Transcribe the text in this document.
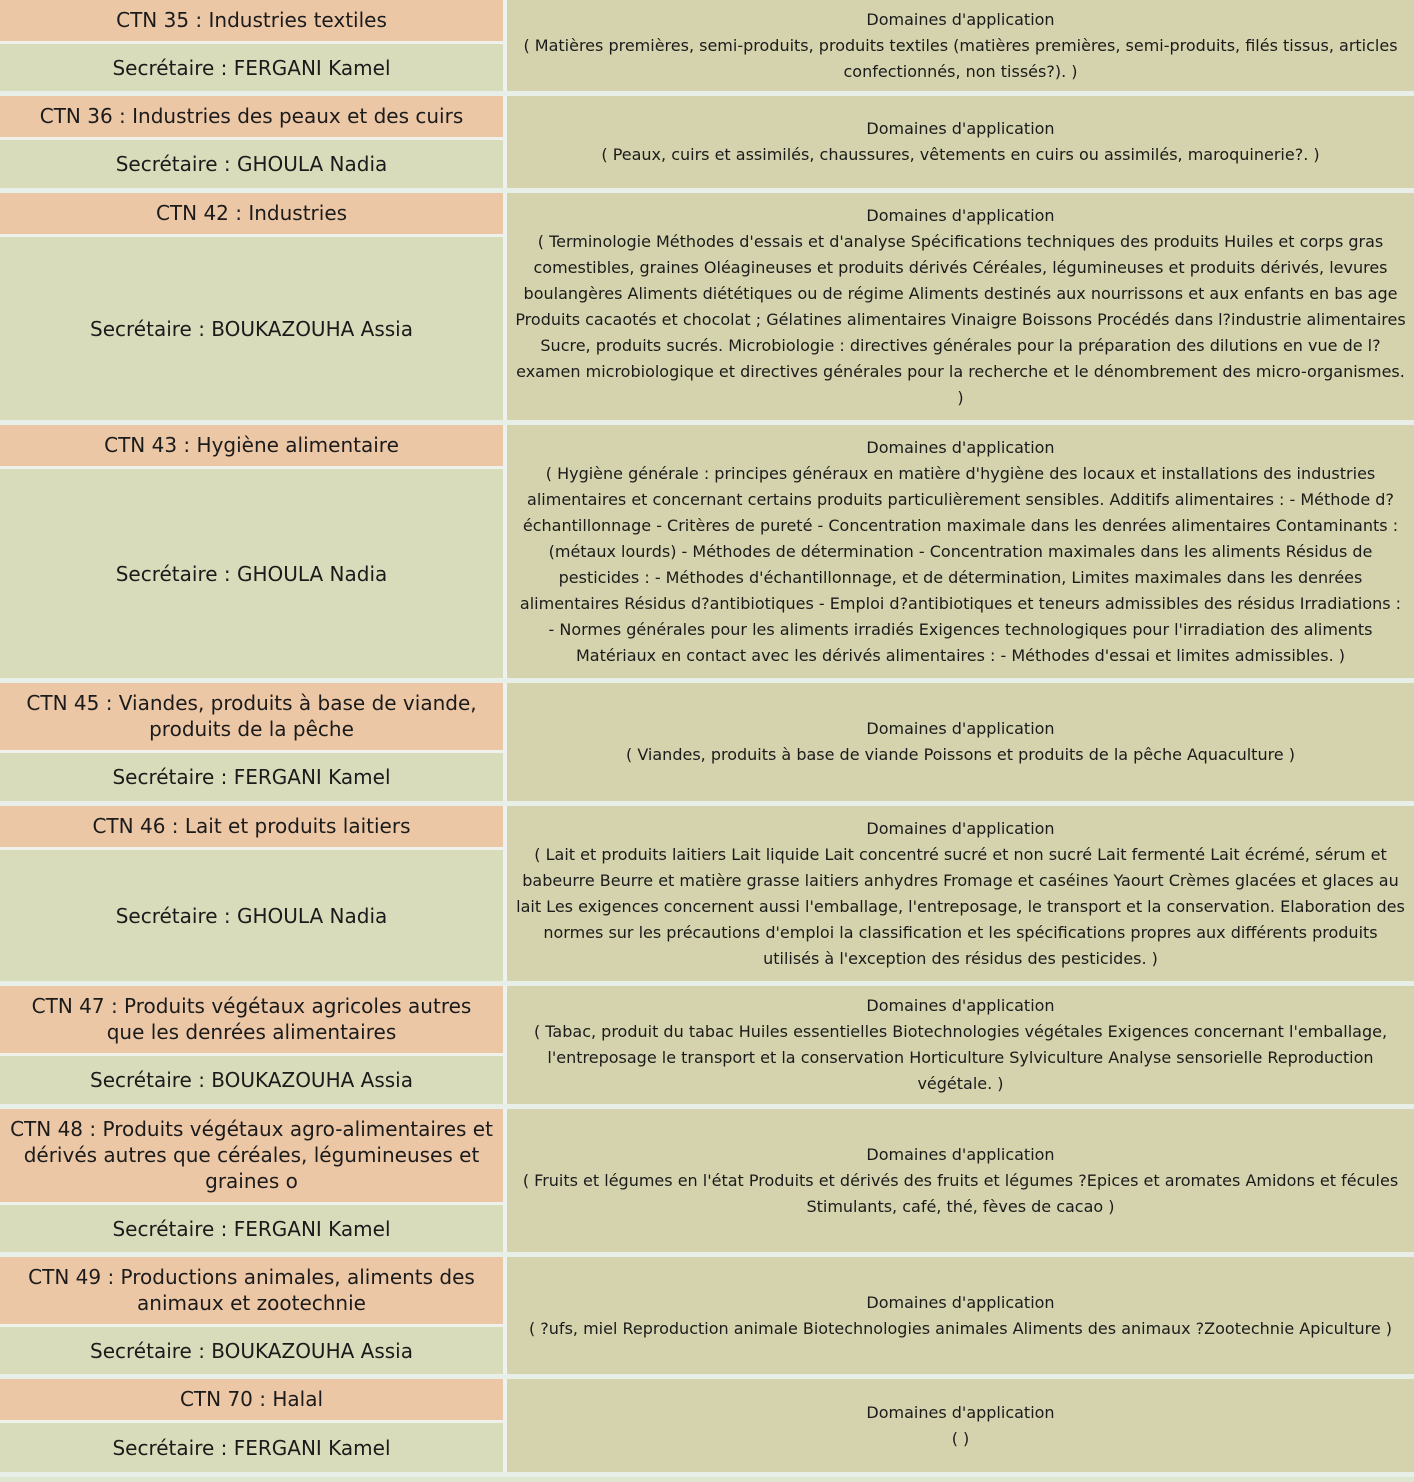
CTN 35 : Industries textiles
Secrétaire : FERGANI Kamel
Domaines d'application
( Matières premières, semi-produits, produits textiles (matières premières, semi-produits, filés tissus, articles confectionnés, non tissés?). )
CTN 36 : Industries des peaux et des cuirs
Secrétaire : GHOULA Nadia
Domaines d'application
( Peaux, cuirs et assimilés, chaussures, vêtements en cuirs ou assimilés, maroquinerie?. )
CTN 42 : Industries
Secrétaire : BOUKAZOUHA Assia
Domaines d'application
( Terminologie Méthodes d'essais et d'analyse Spécifications techniques des produits Huiles et corps gras comestibles, graines Oléagineuses et produits dérivés Céréales, légumineuses et produits dérivés, levures boulangères Aliments diététiques ou de régime Aliments destinés aux nourrissons et aux enfants en bas age Produits cacaotés et chocolat ; Gélatines alimentaires Vinaigre Boissons Procédés dans l?industrie alimentaires Sucre, produits sucrés. Microbiologie : directives générales pour la préparation des dilutions en vue de l?examen microbiologique et directives générales pour la recherche et le dénombrement des micro-organismes. )
CTN 43 : Hygiène alimentaire
Secrétaire : GHOULA Nadia
Domaines d'application
( Hygiène générale : principes généraux en matière d'hygiène des locaux et installations des industries alimentaires et concernant certains produits particulièrement sensibles. Additifs alimentaires : - Méthode d?échantillonnage - Critères de pureté - Concentration maximale dans les denrées alimentaires Contaminants : (métaux lourds) - Méthodes de détermination - Concentration maximales dans les aliments Résidus de pesticides : - Méthodes d'échantillonnage, et de détermination, Limites maximales dans les denrées alimentaires Résidus d?antibiotiques - Emploi d?antibiotiques et teneurs admissibles des résidus Irradiations : - Normes générales pour les aliments irradiés Exigences technologiques pour l'irradiation des aliments Matériaux en contact avec les dérivés alimentaires : - Méthodes d'essai et limites admissibles. )
CTN 45 : Viandes, produits à base de viande, produits de la pêche
Secrétaire : FERGANI Kamel
Domaines d'application
( Viandes, produits à base de viande Poissons et produits de la pêche Aquaculture )
CTN 46 : Lait et produits laitiers
Secrétaire : GHOULA Nadia
Domaines d'application
( Lait et produits laitiers Lait liquide Lait concentré sucré et non sucré Lait fermenté Lait écrémé, sérum et babeurre Beurre et matière grasse laitiers anhydres Fromage et caséines Yaourt Crèmes glacées et glaces au lait Les exigences concernent aussi l'emballage, l'entreposage, le transport et la conservation. Elaboration des normes sur les précautions d'emploi la classification et les spécifications propres aux différents produits utilisés à l'exception des résidus des pesticides. )
CTN 47 : Produits végétaux agricoles autres que les denrées alimentaires
Secrétaire : BOUKAZOUHA Assia
Domaines d'application
( Tabac, produit du tabac Huiles essentielles Biotechnologies végétales Exigences concernant l'emballage, l'entreposage le transport et la conservation Horticulture Sylviculture Analyse sensorielle Reproduction végétale. )
CTN 48 : Produits végétaux agro-alimentaires et dérivés autres que céréales, légumineuses et graines o
Secrétaire : FERGANI Kamel
Domaines d'application
( Fruits et légumes en l'état Produits et dérivés des fruits et légumes ?Epices et aromates Amidons et fécules Stimulants, café, thé, fèves de cacao )
CTN 49 : Productions animales, aliments des animaux et zootechnie
Secrétaire : BOUKAZOUHA Assia
Domaines d'application
( ?ufs, miel Reproduction animale Biotechnologies animales Aliments des animaux ?Zootechnie Apiculture )
CTN 70 : Halal
Secrétaire : FERGANI Kamel
Domaines d'application
( )
